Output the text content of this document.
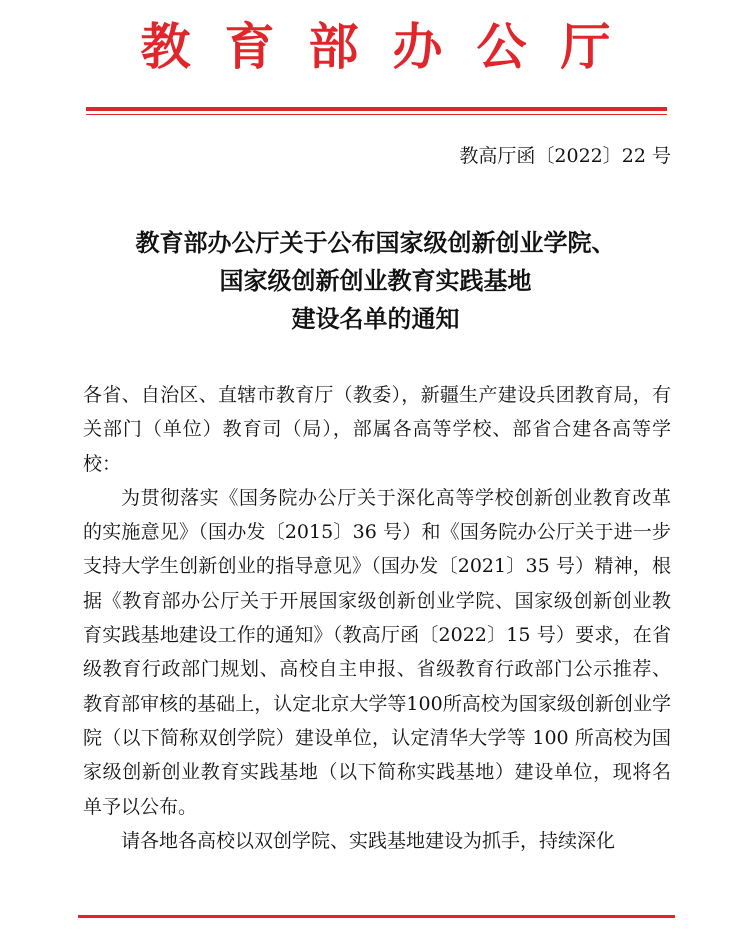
教育部办公厅
教高厅函〔2022〕22 号
教育部办公厅关于公布国家级创新创业学院、
国家级创新创业教育实践基地
建设名单的通知

各省、自治区、直辖市教育厅（教委），新疆生产建设兵团教育局，有关部门（单位）教育司（局），部属各高等学校、部省合建各高等学校：

为贯彻落实《国务院办公厅关于深化高等学校创新创业教育改革的实施意见》（国办发〔2015〕36 号）和《国务院办公厅关于进一步支持大学生创新创业的指导意见》（国办发〔2021〕35 号）精神，根据《教育部办公厅关于开展国家级创新创业学院、国家级创新创业教育实践基地建设工作的通知》（教高厅函〔2022〕15 号）要求，在省级教育行政部门规划、高校自主申报、省级教育行政部门公示推荐、教育部审核的基础上，认定北京大学等100所高校为国家级创新创业学院（以下简称双创学院）建设单位，认定清华大学等 100 所高校为国家级创新创业教育实践基地（以下简称实践基地）建设单位，现将名单予以公布。

请各地各高校以双创学院、实践基地建设为抓手，持续深化
